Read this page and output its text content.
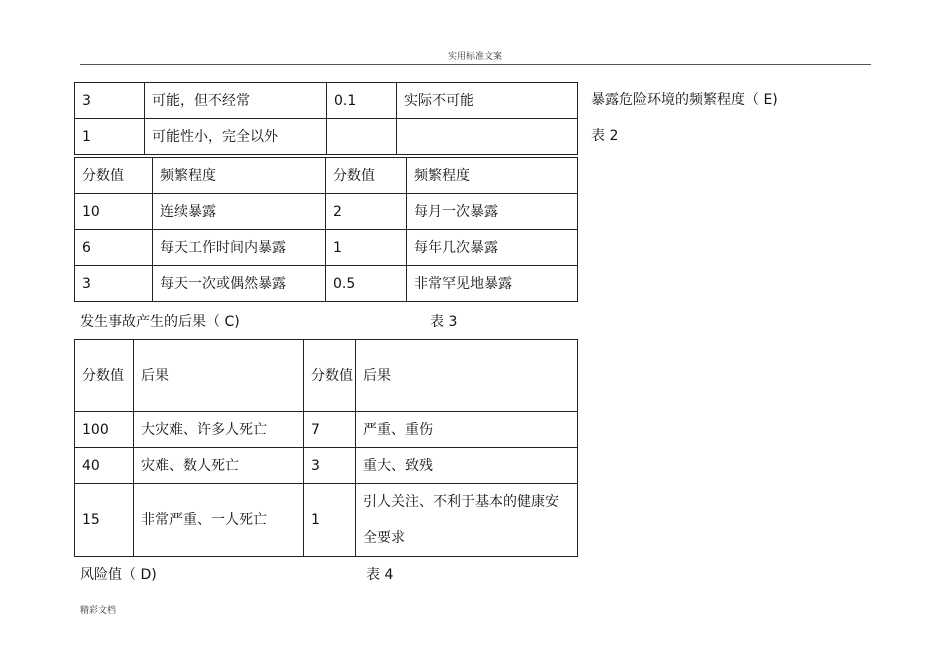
实用标准文案
3	可能，但不经常	0.1	实际不可能
1	可能性小，完全以外		
暴露危险环境的频繁程度（ E)
表 2
分数值	频繁程度	分数值	频繁程度
10	连续暴露	2	每月一次暴露
6	每天工作时间内暴露	1	每年几次暴露
3	每天一次或偶然暴露	0.5	非常罕见地暴露
发生事故产生的后果（ C)	表 3
分数值	后果	分数值	后果
100	大灾难、许多人死亡	7	严重、重伤
40	灾难、数人死亡	3	重大、致残
15	非常严重、一人死亡	1	引人关注、不利于基本的健康安全要求
风险值（ D)	表 4
精彩文档
